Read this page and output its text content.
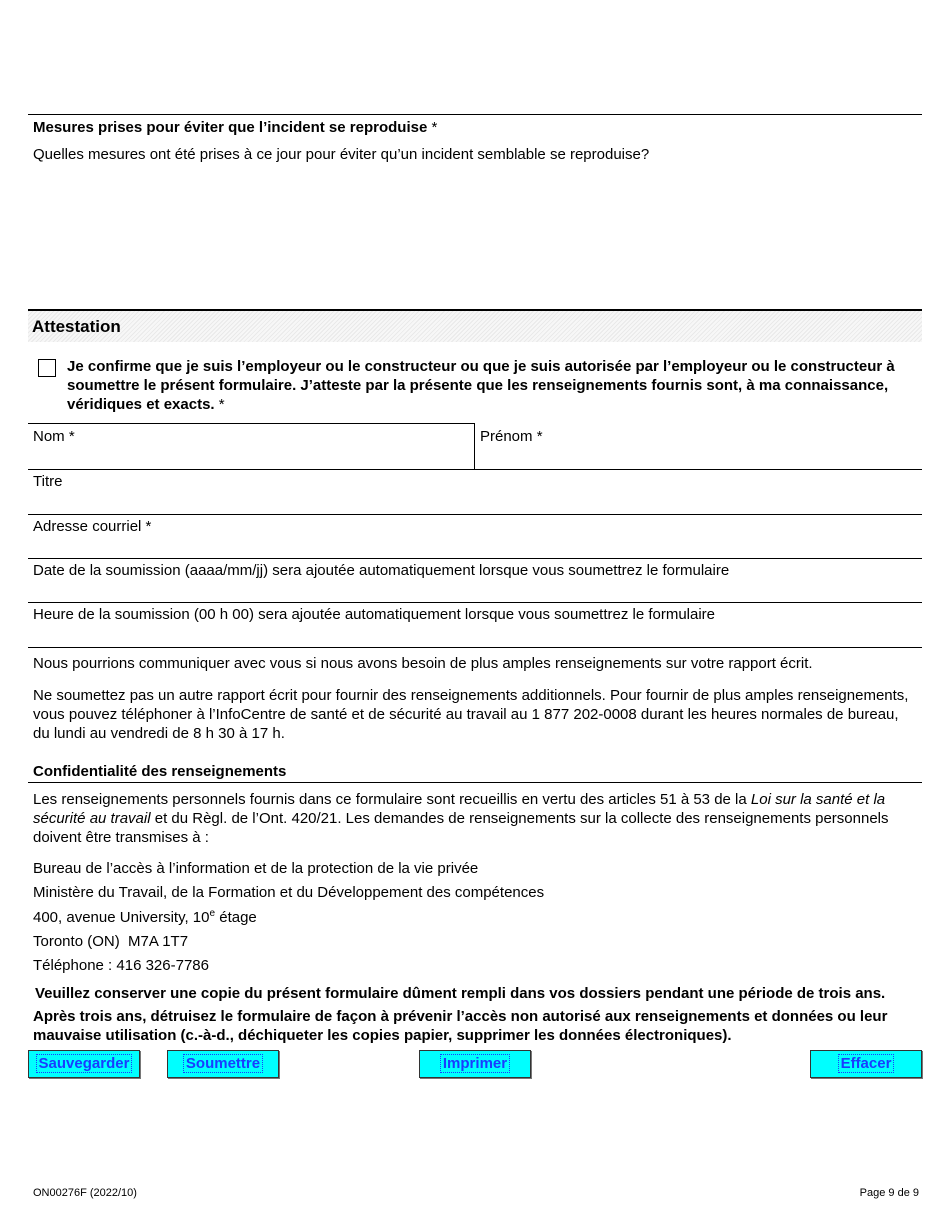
Mesures prises pour éviter que l’incident se reproduise *
Quelles mesures ont été prises à ce jour pour éviter qu’un incident semblable se reproduise?
Attestation
Je confirme que je suis l’employeur ou le constructeur ou que je suis autorisée par l’employeur ou le constructeur à soumettre le présent formulaire. J’atteste par la présente que les renseignements fournis sont, à ma connaissance, véridiques et exacts. *
Nom *	Prénom *
Titre
Adresse courriel *
Date de la soumission (aaaa/mm/jj) sera ajoutée automatiquement lorsque vous soumettrez le formulaire
Heure de la soumission (00 h 00) sera ajoutée automatiquement lorsque vous soumettrez le formulaire
Nous pourrions communiquer avec vous si nous avons besoin de plus amples renseignements sur votre rapport écrit.
Ne soumettez pas un autre rapport écrit pour fournir des renseignements additionnels. Pour fournir de plus amples renseignements, vous pouvez téléphoner à l’InfoCentre de santé et de sécurité au travail au 1 877 202-0008 durant les heures normales de bureau, du lundi au vendredi de 8 h 30 à 17 h.
Confidentialité des renseignements
Les renseignements personnels fournis dans ce formulaire sont recueillis en vertu des articles 51 à 53 de la Loi sur la santé et la sécurité au travail et du Règl. de l’Ont. 420/21. Les demandes de renseignements sur la collecte des renseignements personnels doivent être transmises à :
Bureau de l’accès à l’information et de la protection de la vie privée
Ministère du Travail, de la Formation et du Développement des compétences
400, avenue University, 10e étage
Toronto (ON)  M7A 1T7
Téléphone : 416 326-7786
Veuillez conserver une copie du présent formulaire dûment rempli dans vos dossiers pendant une période de trois ans.
Après trois ans, détruisez le formulaire de façon à prévenir l’accès non autorisé aux renseignements et données ou leur mauvaise utilisation (c.-à-d., déchiqueter les copies papier, supprimer les données électroniques).
Sauvegarder	Soumettre	Imprimer	Effacer
ON00276F (2022/10)	Page 9 de 9
